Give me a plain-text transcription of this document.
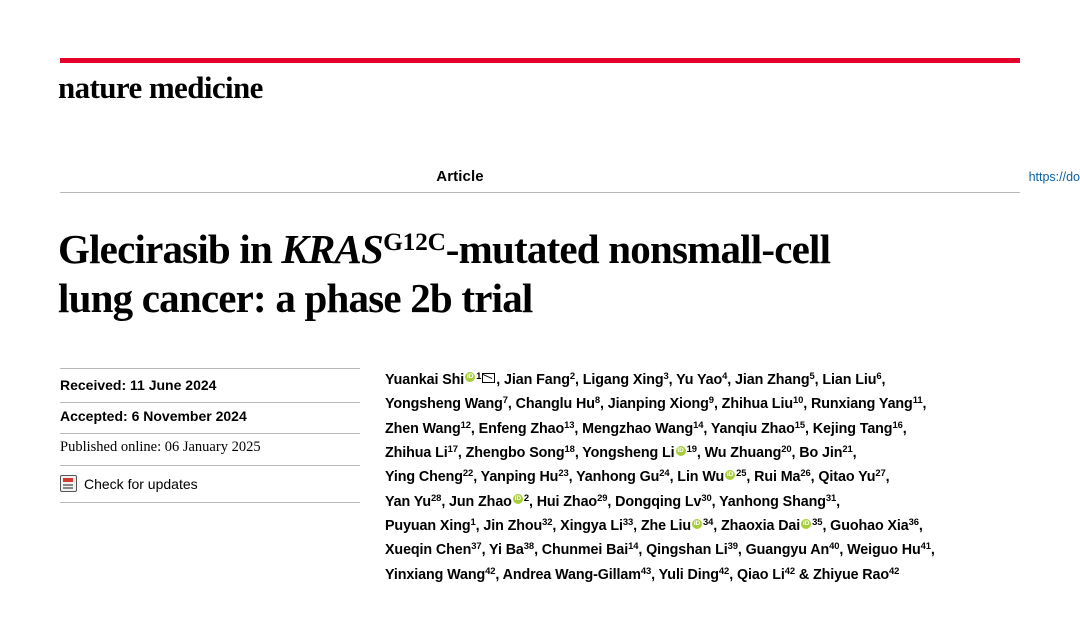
nature medicine
Article	https://do
Glecirasib in $KRAS^{G12C}$-mutated nonsmall-cell
lung cancer: a phase 2b trial
Received: 11 June 2024
Accepted: 6 November 2024
Published online: 06 January 2025
Check for updates
Yuankai Shi iD $^1$ , Jian Fang$^2$, Ligang Xing$^3$, Yu Yao$^4$, Jian Zhang$^5$, Lian Liu$^6$,
Yongsheng Wang$^7$, Changlu Hu$^8$, Jianping Xiong$^9$, Zhihua Liu$^{10}$, Runxiang Yang$^{11}$,
Zhen Wang$^{12}$, Enfeng Zhao$^{13}$, Mengzhao Wang$^{14}$, Yanqiu Zhao$^{15}$, Kejing Tang$^{16}$,
Zhihua Li$^{17}$, Zhengbo Song$^{18}$, Yongsheng Li iD $^{19}$, Wu Zhuang$^{20}$, Bo Jin$^{21}$,
Ying Cheng$^{22}$, Yanping Hu$^{23}$, Yanhong Gu$^{24}$, Lin Wu iD $^{25}$, Rui Ma$^{26}$, Qitao Yu$^{27}$,
Yan Yu$^{28}$, Jun Zhao iD $^2$, Hui Zhao$^{29}$, Dongqing Lv$^{30}$, Yanhong Shang$^{31}$,
Puyuan Xing$^1$, Jin Zhou$^{32}$, Xingya Li$^{33}$, Zhe Liu iD $^{34}$, Zhaoxia Dai iD $^{35}$, Guohao Xia$^{36}$,
Xueqin Chen$^{37}$, Yi Ba$^{38}$, Chunmei Bai$^{14}$, Qingshan Li$^{39}$, Guangyu An$^{40}$, Weiguo Hu$^{41}$,
Yinxiang Wang$^{42}$, Andrea Wang-Gillam$^{43}$, Yuli Ding$^{42}$, Qiao Li$^{42}$ & Zhiyue Rao$^{42}$
